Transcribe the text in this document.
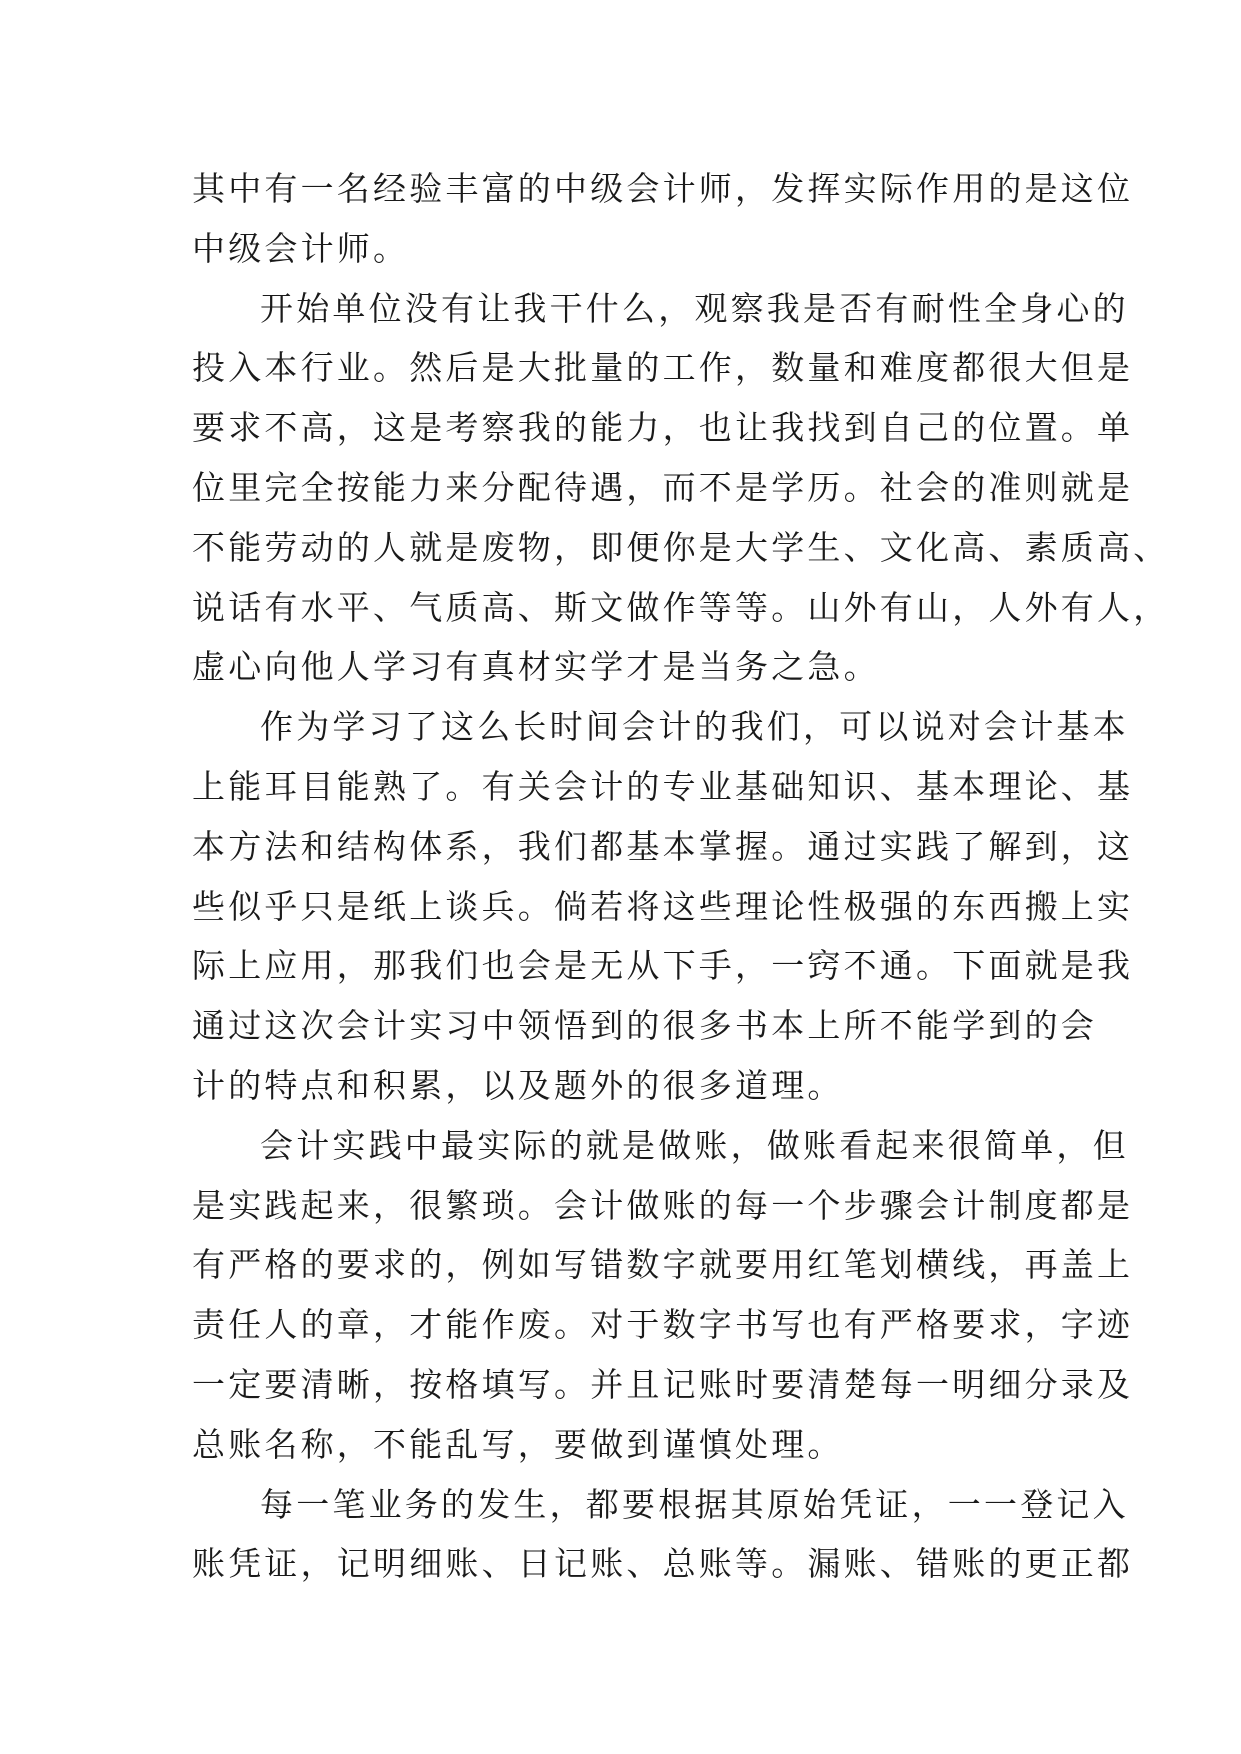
其中有一名经验丰富的中级会计师，发挥实际作用的是这位
中级会计师。
开始单位没有让我干什么，观察我是否有耐性全身心的
投入本行业。然后是大批量的工作，数量和难度都很大但是
要求不高，这是考察我的能力，也让我找到自己的位置。单
位里完全按能力来分配待遇，而不是学历。社会的准则就是
不能劳动的人就是废物，即便你是大学生、文化高、素质高、
说话有水平、气质高、斯文做作等等。山外有山，人外有人，
虚心向他人学习有真材实学才是当务之急。
作为学习了这么长时间会计的我们，可以说对会计基本
上能耳目能熟了。有关会计的专业基础知识、基本理论、基
本方法和结构体系，我们都基本掌握。通过实践了解到，这
些似乎只是纸上谈兵。倘若将这些理论性极强的东西搬上实
际上应用，那我们也会是无从下手，一窍不通。下面就是我
通过这次会计实习中领悟到的很多书本上所不能学到的会
计的特点和积累，以及题外的很多道理。
会计实践中最实际的就是做账，做账看起来很简单，但
是实践起来，很繁琐。会计做账的每一个步骤会计制度都是
有严格的要求的，例如写错数字就要用红笔划横线，再盖上
责任人的章，才能作废。对于数字书写也有严格要求，字迹
一定要清晰，按格填写。并且记账时要清楚每一明细分录及
总账名称，不能乱写，要做到谨慎处理。
每一笔业务的发生，都要根据其原始凭证，一一登记入
账凭证，记明细账、日记账、总账等。漏账、错账的更正都
